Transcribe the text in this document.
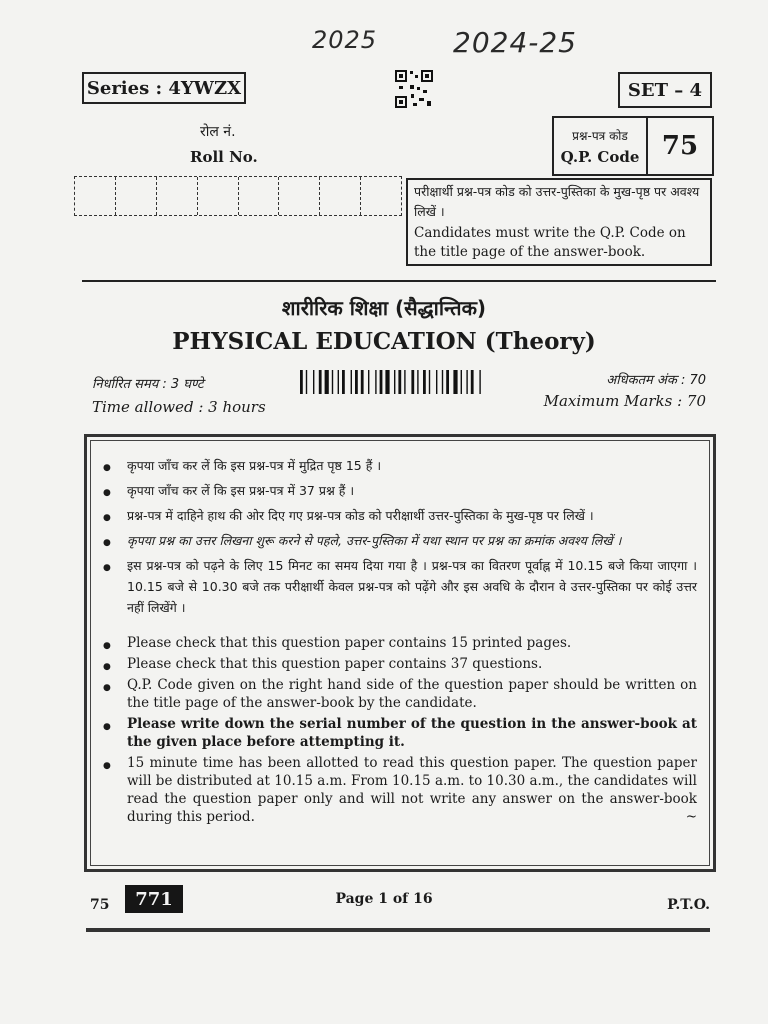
2025	2024-25
Series : 4YWZX	SET – 4
रोल नं.
Roll No.
प्रश्न-पत्र कोड
Q.P. Code 75
परीक्षार्थी प्रश्न-पत्र कोड को उत्तर-पुस्तिका के मुख-पृष्ठ पर अवश्य लिखें ।
Candidates must write the Q.P. Code on the title page of the answer-book.
शारीरिक शिक्षा (सैद्धान्तिक)
PHYSICAL EDUCATION (Theory)
निर्धारित समय : 3 घण्टे
Time allowed : 3 hours
अधिकतम अंक : 70
Maximum Marks : 70
● कृपया जाँच कर लें कि इस प्रश्न-पत्र में मुद्रित पृष्ठ 15 हैं ।
● कृपया जाँच कर लें कि इस प्रश्न-पत्र में 37 प्रश्न हैं ।
● प्रश्न-पत्र में दाहिने हाथ की ओर दिए गए प्रश्न-पत्र कोड को परीक्षार्थी उत्तर-पुस्तिका के मुख-पृष्ठ पर लिखें ।
● कृपया प्रश्न का उत्तर लिखना शुरू करने से पहले, उत्तर-पुस्तिका में यथा स्थान पर प्रश्न का क्रमांक अवश्य लिखें ।
● इस प्रश्न-पत्र को पढ़ने के लिए 15 मिनट का समय दिया गया है । प्रश्न-पत्र का वितरण पूर्वाह्न में 10.15 बजे किया जाएगा । 10.15 बजे से 10.30 बजे तक परीक्षार्थी केवल प्रश्न-पत्र को पढ़ेंगे और इस अवधि के दौरान वे उत्तर-पुस्तिका पर कोई उत्तर नहीं लिखेंगे ।
● Please check that this question paper contains 15 printed pages.
● Please check that this question paper contains 37 questions.
● Q.P. Code given on the right hand side of the question paper should be written on the title page of the answer-book by the candidate.
● Please write down the serial number of the question in the answer-book at the given place before attempting it.
● 15 minute time has been allotted to read this question paper. The question paper will be distributed at 10.15 a.m. From 10.15 a.m. to 10.30 a.m., the candidates will read the question paper only and will not write any answer on the answer-book during this period.	~
75	771	Page 1 of 16	P.T.O.
